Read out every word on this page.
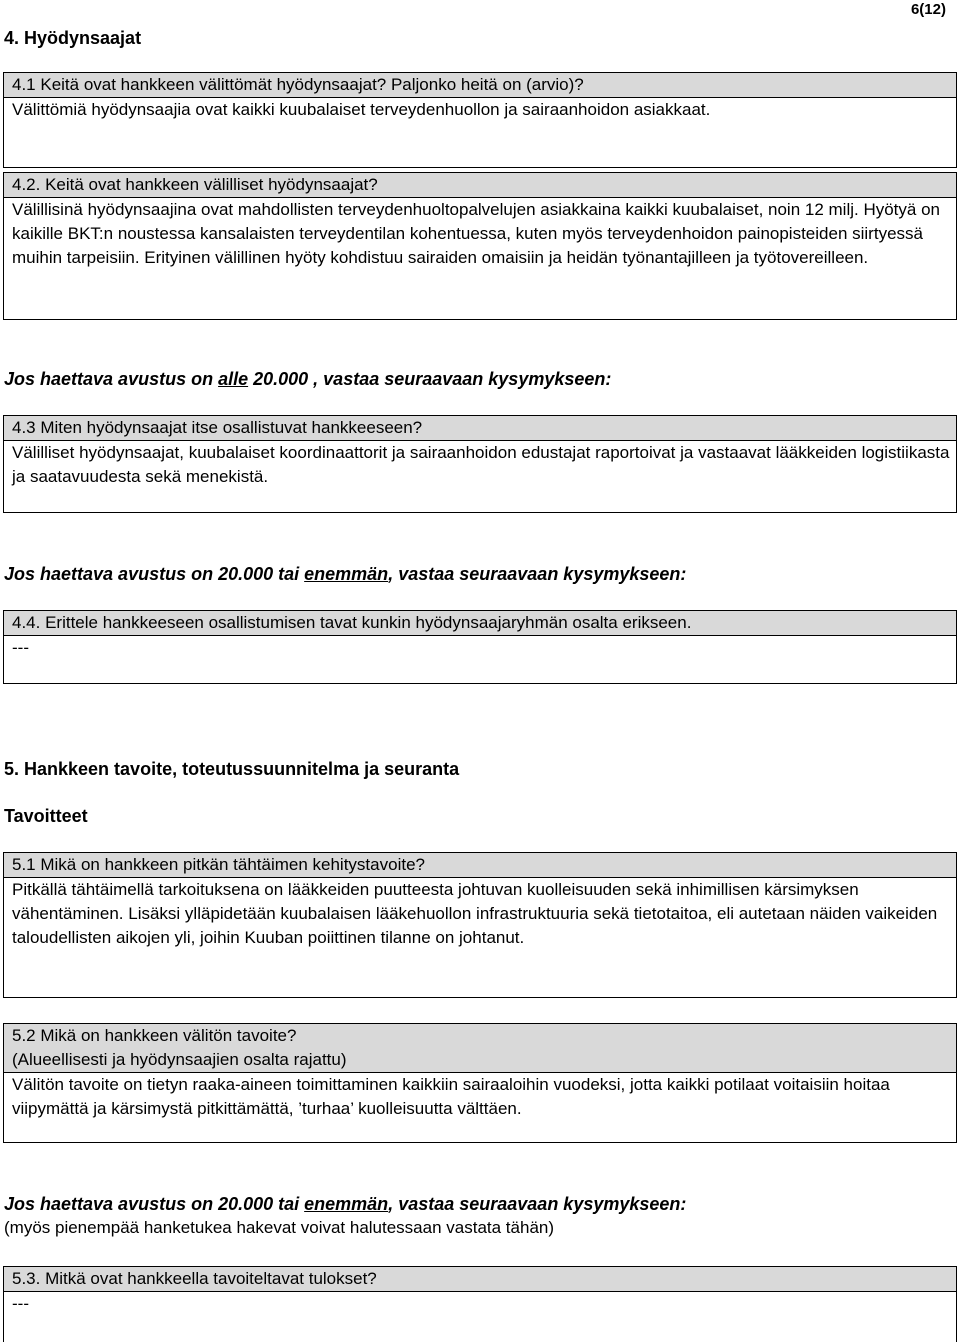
6(12)
4. Hyödynsaajat

4.1 Keitä ovat hankkeen välittömät hyödynsaajat? Paljonko heitä on (arvio)?

Välittömiä hyödynsaajia ovat kaikki kuubalaiset terveydenhuollon ja sairaanhoidon asiakkaat.

4.2. Keitä ovat hankkeen välilliset hyödynsaajat?

Välillisinä hyödynsaajina ovat mahdollisten terveydenhuoltopalvelujen asiakkaina kaikki kuubalaiset, noin 12 milj. Hyötyä on kaikille BKT:n noustessa kansalaisten terveydentilan kohentuessa, kuten myös terveydenhoidon painopisteiden siirtyessä muihin tarpeisiin. Erityinen välillinen hyöty kohdistuu sairaiden omaisiin ja heidän työnantajilleen ja työtovereilleen.

Jos haettava avustus on alle 20.000 , vastaa seuraavaan kysymykseen:

4.3 Miten hyödynsaajat itse osallistuvat hankkeeseen?

Välilliset hyödynsaajat, kuubalaiset koordinaattorit ja sairaanhoidon edustajat raportoivat ja vastaavat lääkkeiden logistiikasta ja saatavuudesta sekä menekistä.

Jos haettava avustus on 20.000 tai enemmän, vastaa seuraavaan kysymykseen:

4.4. Erittele hankkeeseen osallistumisen tavat kunkin hyödynsaajaryhmän osalta erikseen.

---

5. Hankkeen tavoite, toteutussuunnitelma ja seuranta
Tavoitteet

5.1 Mikä on hankkeen pitkän tähtäimen kehitystavoite?

Pitkällä tähtäimellä tarkoituksena on lääkkeiden puutteesta johtuvan kuolleisuuden sekä inhimillisen kärsimyksen vähentäminen. Lisäksi ylläpidetään kuubalaisen lääkehuollon infrastruktuuria sekä tietotaitoa, eli autetaan näiden vaikeiden taloudellisten aikojen yli, joihin Kuuban poiittinen tilanne on johtanut.

5.2 Mikä on hankkeen välitön tavoite?

(Alueellisesti ja hyödynsaajien osalta rajattu)

Välitön tavoite on tietyn raaka-aineen toimittaminen kaikkiin sairaaloihin vuodeksi, jotta kaikki potilaat voitaisiin hoitaa viipymättä ja kärsimystä pitkittämättä, ’turhaa’ kuolleisuutta välttäen.

Jos haettava avustus on 20.000 tai enemmän, vastaa seuraavaan kysymykseen:
(myös pienempää hanketukea hakevat voivat halutessaan vastata tähän)

5.3. Mitkä ovat hankkeella tavoiteltavat tulokset?

---
